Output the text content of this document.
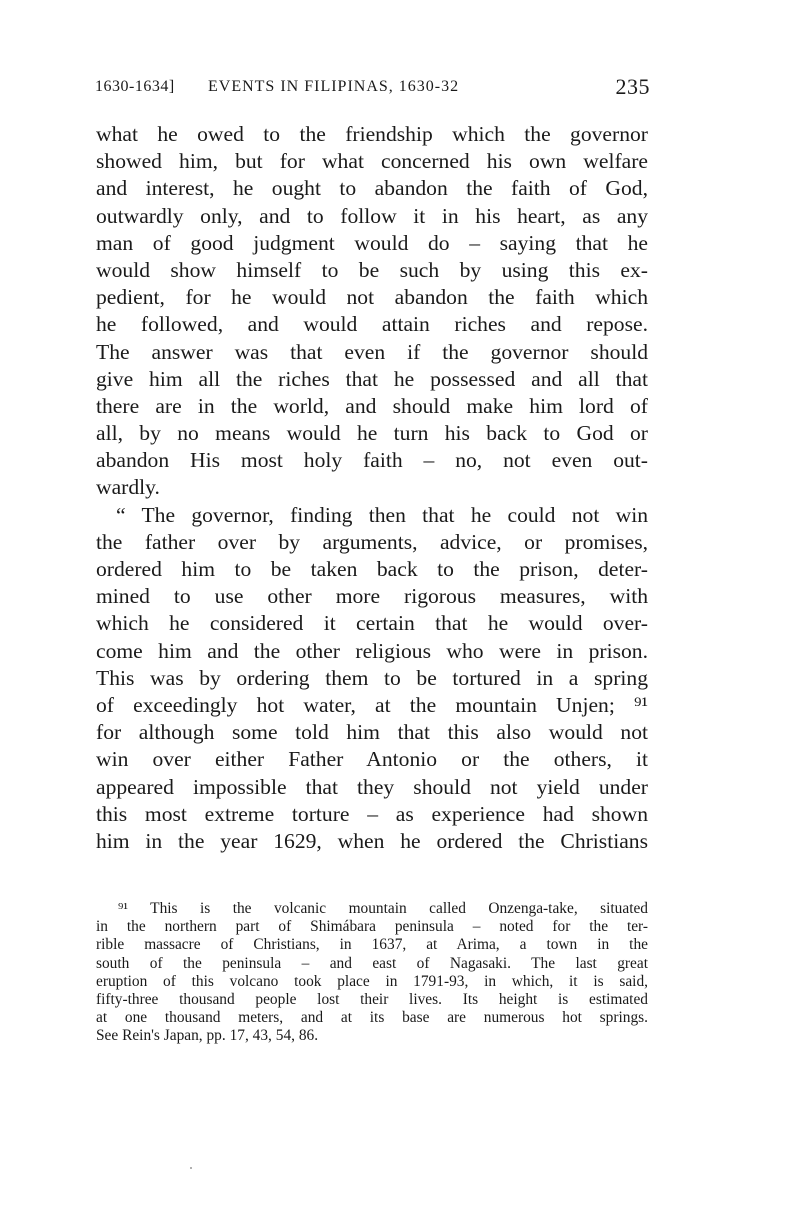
1630-1634] EVENTS IN FILIPINAS, 1630-32	235
what he owed to the friendship which the governor
showed him, but for what concerned his own welfare
and interest, he ought to abandon the faith of God,
outwardly only, and to follow it in his heart, as any
man of good judgment would do – saying that he
would show himself to be such by using this ex-
pedient, for he would not abandon the faith which
he followed, and would attain riches and repose.
The answer was that even if the governor should
give him all the riches that he possessed and all that
there are in the world, and should make him lord of
all, by no means would he turn his back to God or
abandon His most holy faith – no, not even out-
wardly.
“ The governor, finding then that he could not win
the father over by arguments, advice, or promises,
ordered him to be taken back to the prison, deter-
mined to use other more rigorous measures, with
which he considered it certain that he would over-
come him and the other religious who were in prison.
This was by ordering them to be tortured in a spring
of exceedingly hot water, at the mountain Unjen; ⁹¹
for although some told him that this also would not
win over either Father Antonio or the others, it
appeared impossible that they should not yield under
this most extreme torture – as experience had shown
him in the year 1629, when he ordered the Christians
⁹¹ This is the volcanic mountain called Onzenga-take, situated
in the northern part of Shimábara peninsula – noted for the ter-
rible massacre of Christians, in 1637, at Arima, a town in the
south of the peninsula – and east of Nagasaki. The last great
eruption of this volcano took place in 1791-93, in which, it is said,
fifty-three thousand people lost their lives. Its height is estimated
at one thousand meters, and at its base are numerous hot springs.
See Rein's Japan, pp. 17, 43, 54, 86.
